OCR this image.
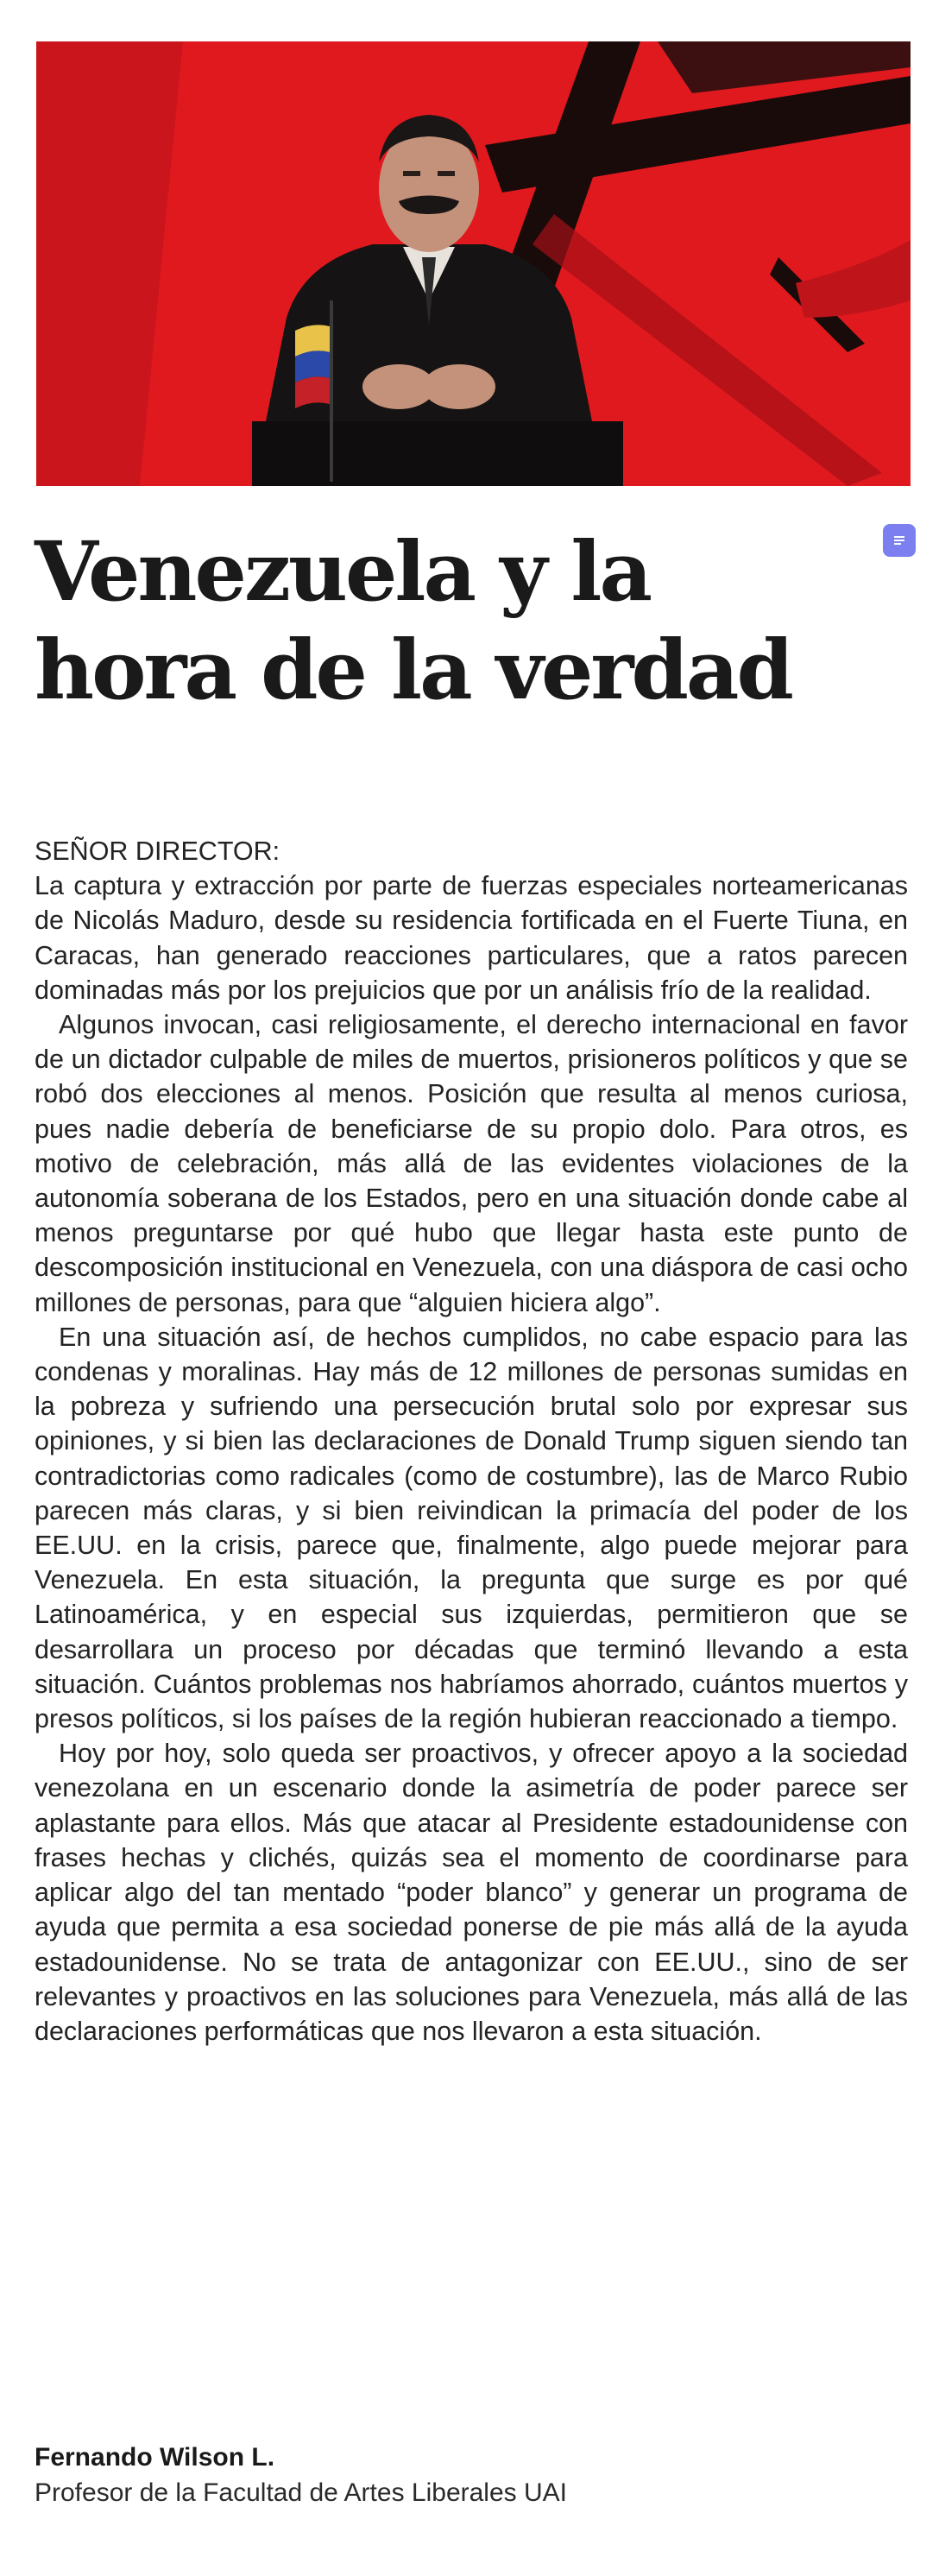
Venezuela y la
hora de la verdad

SEÑOR DIRECTOR:

La captura y extracción por parte de fuerzas especiales norteamericanas de Nicolás Maduro, desde su residencia fortificada en el Fuerte Tiuna, en Caracas, han generado reacciones particulares, que a ratos parecen dominadas más por los prejuicios que por un análisis frío de la realidad.

Algunos invocan, casi religiosamente, el derecho internacional en favor de un dictador culpable de miles de muertos, prisioneros políticos y que se robó dos elecciones al menos. Posición que resulta al menos curiosa, pues nadie debería de beneficiarse de su propio dolo. Para otros, es motivo de celebración, más allá de las evidentes violaciones de la autonomía soberana de los Estados, pero en una situación donde cabe al menos preguntarse por qué hubo que llegar hasta este punto de descomposición institucional en Venezuela, con una diáspora de casi ocho millones de personas, para que “alguien hiciera algo”.

En una situación así, de hechos cumplidos, no cabe espacio para las condenas y moralinas. Hay más de 12 millones de personas sumidas en la pobreza y sufriendo una persecución brutal solo por expresar sus opiniones, y si bien las declaraciones de Donald Trump siguen siendo tan contradictorias como radicales (como de costumbre), las de Marco Rubio parecen más claras, y si bien reivindican la primacía del poder de los EE.UU. en la crisis, parece que, finalmente, algo puede mejorar para Venezuela. En esta situación, la pregunta que surge es por qué Latinoamérica, y en especial sus izquierdas, permitieron que se desarrollara un proceso por décadas que terminó llevando a esta situación. Cuántos problemas nos habríamos ahorrado, cuántos muertos y presos políticos, si los países de la región hubieran reaccionado a tiempo.

Hoy por hoy, solo queda ser proactivos, y ofrecer apoyo a la sociedad venezolana en un escenario donde la asimetría de poder parece ser aplastante para ellos. Más que atacar al Presidente estadounidense con frases hechas y clichés, quizás sea el momento de coordinarse para aplicar algo del tan mentado “poder blanco” y generar un programa de ayuda que permita a esa sociedad ponerse de pie más allá de la ayuda estadounidense. No se trata de antagonizar con EE.UU., sino de ser relevantes y proactivos en las soluciones para Venezuela, más allá de las declaraciones performáticas que nos llevaron a esta situación.

Fernando Wilson L.
Profesor de la Facultad de Artes Liberales UAI
